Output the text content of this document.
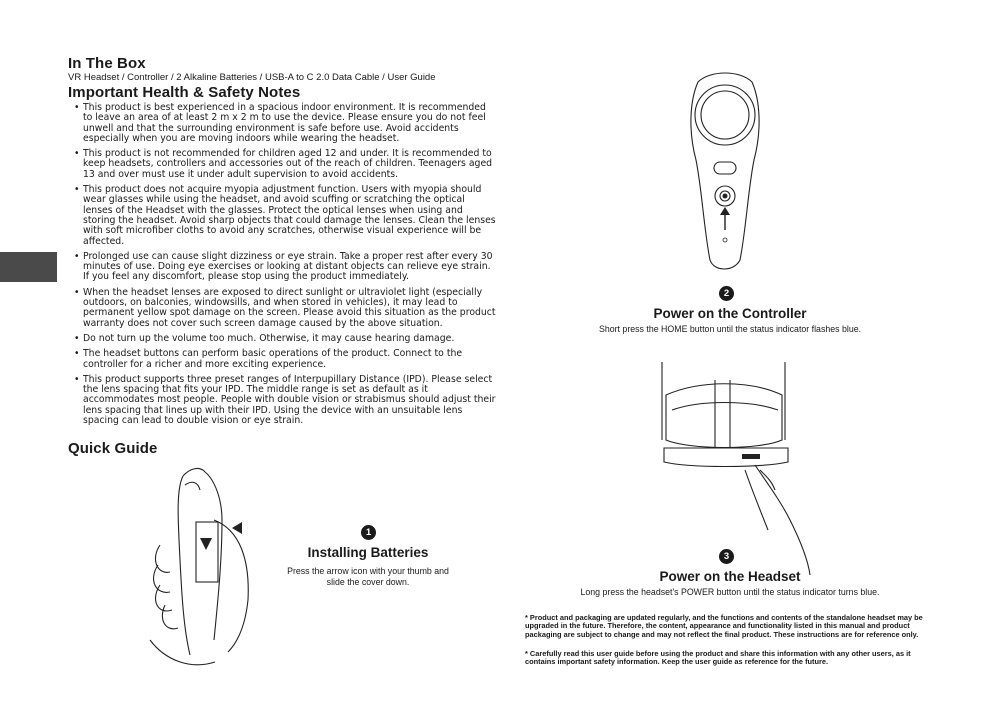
In The Box
VR Headset / Controller / 2 Alkaline Batteries / USB-A to C 2.0 Data Cable / User Guide
Important Health & Safety Notes
• This product is best experienced in a spacious indoor environment. It is recommended to leave an area of at least 2 m x 2 m to use the device. Please ensure you do not feel unwell and that the surrounding environment is safe before use. Avoid accidents especially when you are moving indoors while wearing the headset.
• This product is not recommended for children aged 12 and under. It is recommended to keep headsets, controllers and accessories out of the reach of children. Teenagers aged 13 and over must use it under adult supervision to avoid accidents.
• This product does not acquire myopia adjustment function. Users with myopia should wear glasses while using the headset, and avoid scuffing or scratching the optical lenses of the Headset with the glasses. Protect the optical lenses when using and storing the headset. Avoid sharp objects that could damage the lenses. Clean the lenses with soft microfiber cloths to avoid any scratches, otherwise visual experience will be affected.
• Prolonged use can cause slight dizziness or eye strain. Take a proper rest after every 30 minutes of use. Doing eye exercises or looking at distant objects can relieve eye strain. If you feel any discomfort, please stop using the product immediately.
• When the headset lenses are exposed to direct sunlight or ultraviolet light (especially outdoors, on balconies, windowsills, and when stored in vehicles), it may lead to permanent yellow spot damage on the screen. Please avoid this situation as the product warranty does not cover such screen damage caused by the above situation.
• Do not turn up the volume too much. Otherwise, it may cause hearing damage.
• The headset buttons can perform basic operations of the product. Connect to the controller for a richer and more exciting experience.
• This product supports three preset ranges of Interpupillary Distance (IPD). Please select the lens spacing that fits your IPD. The middle range is set as default as it accommodates most people. People with double vision or strabismus should adjust their lens spacing that lines up with their IPD. Using the device with an unsuitable lens spacing can lead to double vision or eye strain.
Quick Guide
1
Installing Batteries
Press the arrow icon with your thumb and
slide the cover down.
2
Power on the Controller
Short press the HOME button until the status indicator flashes blue.
3
Power on the Headset
Long press the headset's POWER button until the status indicator turns blue.
* Product and packaging are updated regularly, and the functions and contents of the standalone headset may be upgraded in the future. Therefore, the content, appearance and functionality listed in this manual and product packaging are subject to change and may not reflect the final product. These instructions are for reference only.
* Carefully read this user guide before using the product and share this information with any other users, as it contains important safety information. Keep the user guide as reference for the future.
